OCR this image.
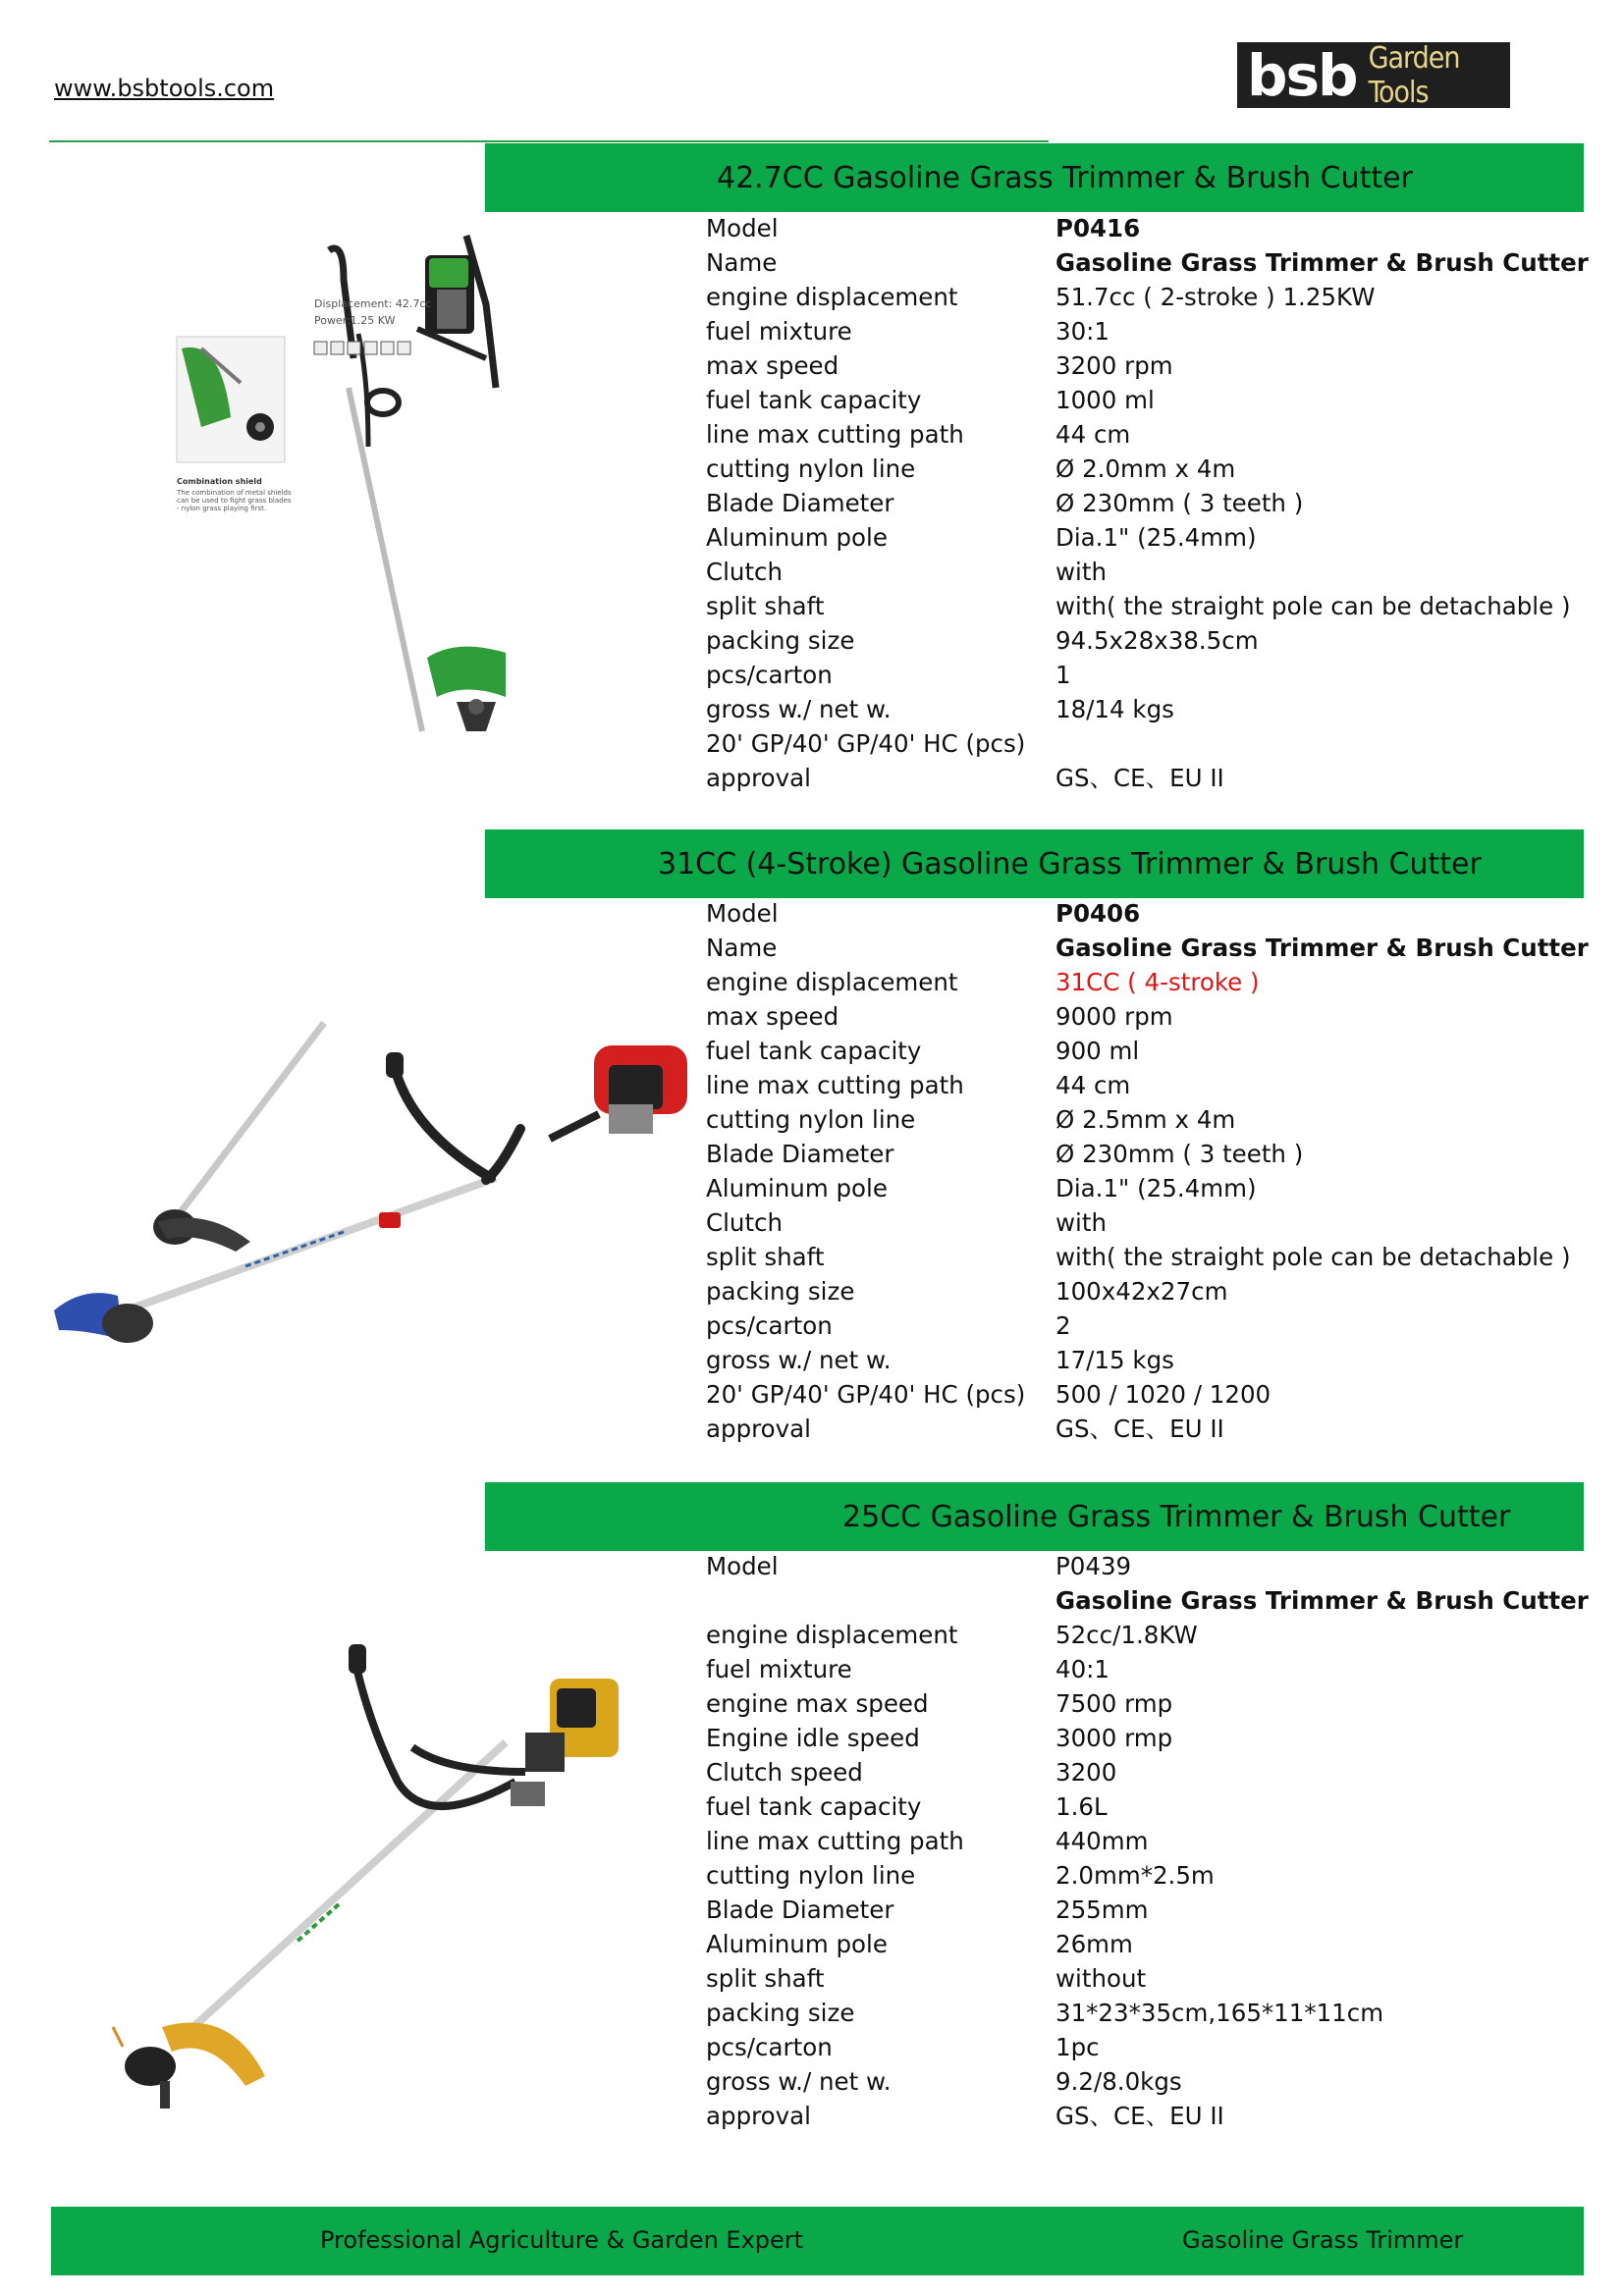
www.bsbtools.com	bsb Garden Tools
42.7CC Gasoline Grass Trimmer & Brush Cutter
Displacement: 42.7cc
Power:1.25 KW
Combination shield
The combination of metal shields can be used to fight grass blades - nylon grass playing first.
Model	P0416
Name	Gasoline Grass Trimmer & Brush Cutter
engine displacement	51.7cc ( 2-stroke ) 1.25KW
fuel mixture	30:1
max speed	3200 rpm
fuel tank capacity	1000 ml
line max cutting path	44 cm
cutting nylon line	Ø 2.0mm x 4m
Blade Diameter	Ø 230mm ( 3 teeth )
Aluminum pole	Dia.1" (25.4mm)
Clutch	with
split shaft	with( the straight pole can be detachable )
packing size	94.5x28x38.5cm
pcs/carton	1
gross w./ net w.	18/14 kgs
20' GP/40' GP/40' HC (pcs)
approval	GS、CE、EU II
31CC (4-Stroke) Gasoline Grass Trimmer & Brush Cutter
Model	P0406
Name	Gasoline Grass Trimmer & Brush Cutter
engine displacement	31CC ( 4-stroke )
max speed	9000 rpm
fuel tank capacity	900 ml
line max cutting path	44 cm
cutting nylon line	Ø 2.5mm x 4m
Blade Diameter	Ø 230mm ( 3 teeth )
Aluminum pole	Dia.1" (25.4mm)
Clutch	with
split shaft	with( the straight pole can be detachable )
packing size	100x42x27cm
pcs/carton	2
gross w./ net w.	17/15 kgs
20' GP/40' GP/40' HC (pcs)	500 / 1020 / 1200
approval	GS、CE、EU II
25CC Gasoline Grass Trimmer & Brush Cutter
Model	P0439
Gasoline Grass Trimmer & Brush Cutter
engine displacement	52cc/1.8KW
fuel mixture	40:1
engine max speed	7500 rmp
Engine idle speed	3000 rmp
Clutch speed	3200
fuel tank capacity	1.6L
line max cutting path	440mm
cutting nylon line	2.0mm*2.5m
Blade Diameter	255mm
Aluminum pole	26mm
split shaft	without
packing size	31*23*35cm,165*11*11cm
pcs/carton	1pc
gross w./ net w.	9.2/8.0kgs
approval	GS、CE、EU II
Professional Agriculture & Garden Expert	Gasoline Grass Trimmer
